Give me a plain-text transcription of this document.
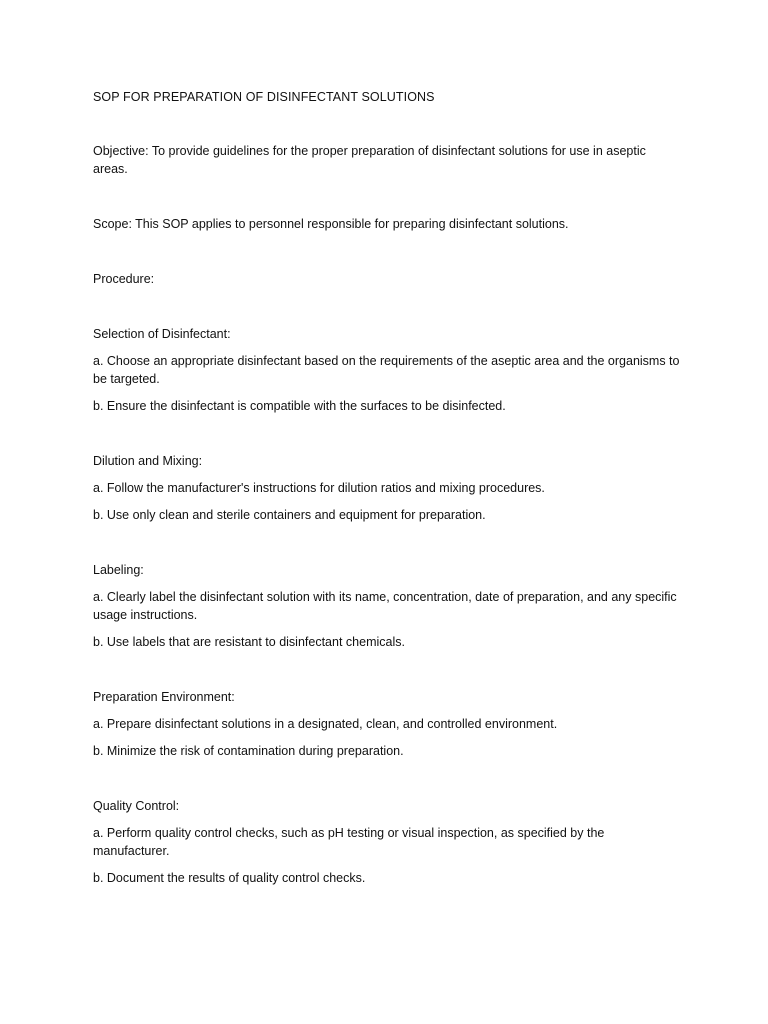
SOP FOR PREPARATION OF DISINFECTANT SOLUTIONS

Objective: To provide guidelines for the proper preparation of disinfectant solutions for use in aseptic areas.

Scope: This SOP applies to personnel responsible for preparing disinfectant solutions.

Procedure:

Selection of Disinfectant:

a. Choose an appropriate disinfectant based on the requirements of the aseptic area and the organisms to be targeted.

b. Ensure the disinfectant is compatible with the surfaces to be disinfected.

Dilution and Mixing:

a. Follow the manufacturer's instructions for dilution ratios and mixing procedures.

b. Use only clean and sterile containers and equipment for preparation.

Labeling:

a. Clearly label the disinfectant solution with its name, concentration, date of preparation, and any specific usage instructions.

b. Use labels that are resistant to disinfectant chemicals.

Preparation Environment:

a. Prepare disinfectant solutions in a designated, clean, and controlled environment.

b. Minimize the risk of contamination during preparation.

Quality Control:

a. Perform quality control checks, such as pH testing or visual inspection, as specified by the manufacturer.

b. Document the results of quality control checks.
